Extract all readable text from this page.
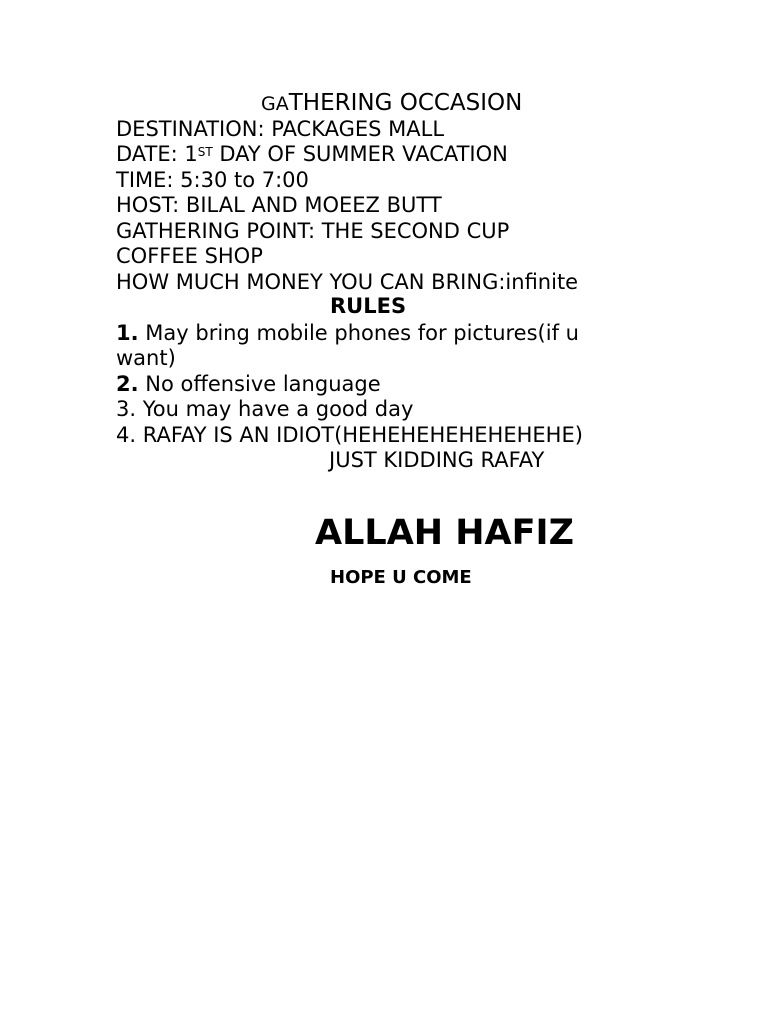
GATHERING OCCASION
DESTINATION: PACKAGES MALL
DATE: 1ST DAY OF SUMMER VACATION
TIME: 5:30 to 7:00
HOST: BILAL AND MOEEZ BUTT
GATHERING POINT: THE SECOND CUP
COFFEE SHOP
HOW MUCH MONEY YOU CAN BRING:infinite
RULES
1. May bring mobile phones for pictures(if u
want)
2. No offensive language
3. You may have a good day
4. RAFAY IS AN IDIOT(HEHEHEHEHEHEHEHE)
JUST KIDDING RAFAY
ALLAH HAFIZ
HOPE U COME
